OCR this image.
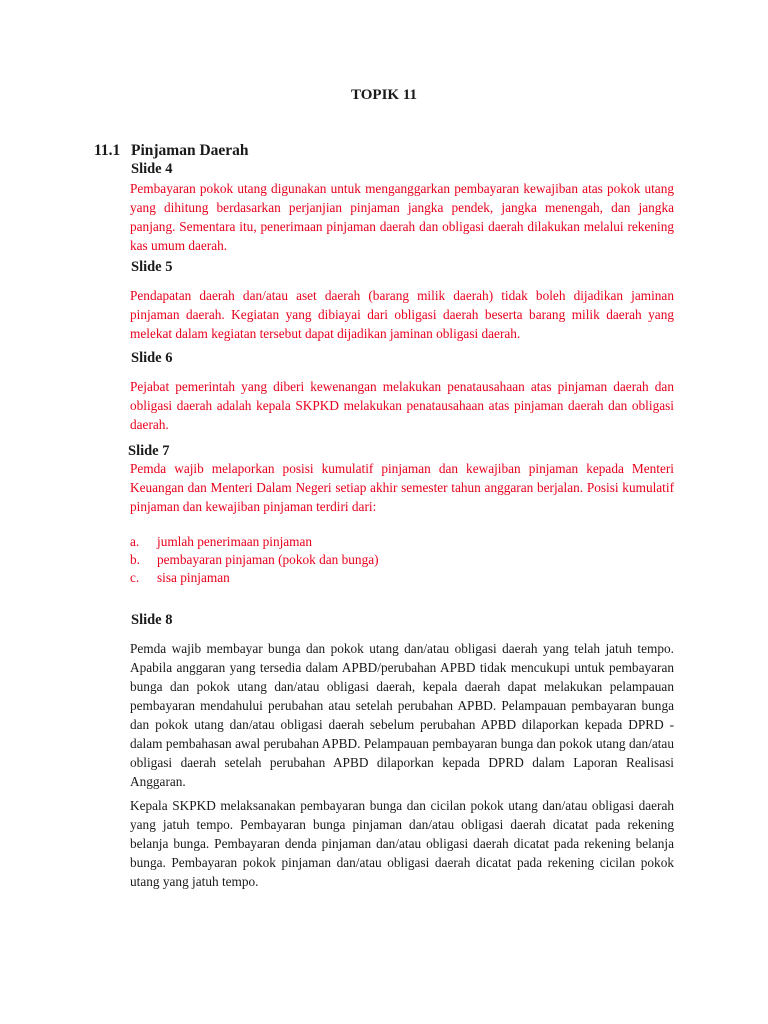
TOPIK 11
11.1 Pinjaman Daerah
Slide 4

Pembayaran pokok utang digunakan untuk menganggarkan pembayaran kewajiban atas pokok utang yang dihitung berdasarkan perjanjian pinjaman jangka pendek, jangka menengah, dan jangka panjang. Sementara itu, penerimaan pinjaman daerah dan obligasi daerah dilakukan melalui rekening kas umum daerah.

Slide 5

Pendapatan daerah dan/atau aset daerah (barang milik daerah) tidak boleh dijadikan jaminan pinjaman daerah. Kegiatan yang dibiayai dari obligasi daerah beserta barang milik daerah yang melekat dalam kegiatan tersebut dapat dijadikan jaminan obligasi daerah.

Slide 6

Pejabat pemerintah yang diberi kewenangan melakukan penatausahaan atas pinjaman daerah dan obligasi daerah adalah kepala SKPKD melakukan penatausahaan atas pinjaman daerah dan obligasi daerah.

Slide 7

Pemda wajib melaporkan posisi kumulatif pinjaman dan kewajiban pinjaman kepada Menteri Keuangan dan Menteri Dalam Negeri setiap akhir semester tahun anggaran berjalan. Posisi kumulatif pinjaman dan kewajiban pinjaman terdiri dari:

a. jumlah penerimaan pinjaman
b. pembayaran pinjaman (pokok dan bunga)
c. sisa pinjaman
Slide 8

Pemda wajib membayar bunga dan pokok utang dan/atau obligasi daerah yang telah jatuh tempo. Apabila anggaran yang tersedia dalam APBD/perubahan APBD tidak mencukupi untuk pembayaran bunga dan pokok utang dan/atau obligasi daerah, kepala daerah dapat melakukan pelampauan pembayaran mendahului perubahan atau setelah perubahan APBD. Pelampauan pembayaran bunga dan pokok utang dan/atau obligasi daerah sebelum perubahan APBD dilaporkan kepada DPRD -dalam pembahasan awal perubahan APBD. Pelampauan pembayaran bunga dan pokok utang dan/atau obligasi daerah setelah perubahan APBD dilaporkan kepada DPRD dalam Laporan Realisasi Anggaran.

Kepala SKPKD melaksanakan pembayaran bunga dan cicilan pokok utang dan/atau obligasi daerah yang jatuh tempo. Pembayaran bunga pinjaman dan/atau obligasi daerah dicatat pada rekening belanja bunga. Pembayaran denda pinjaman dan/atau obligasi daerah dicatat pada rekening belanja bunga. Pembayaran pokok pinjaman dan/atau obligasi daerah dicatat pada rekening cicilan pokok utang yang jatuh tempo.
